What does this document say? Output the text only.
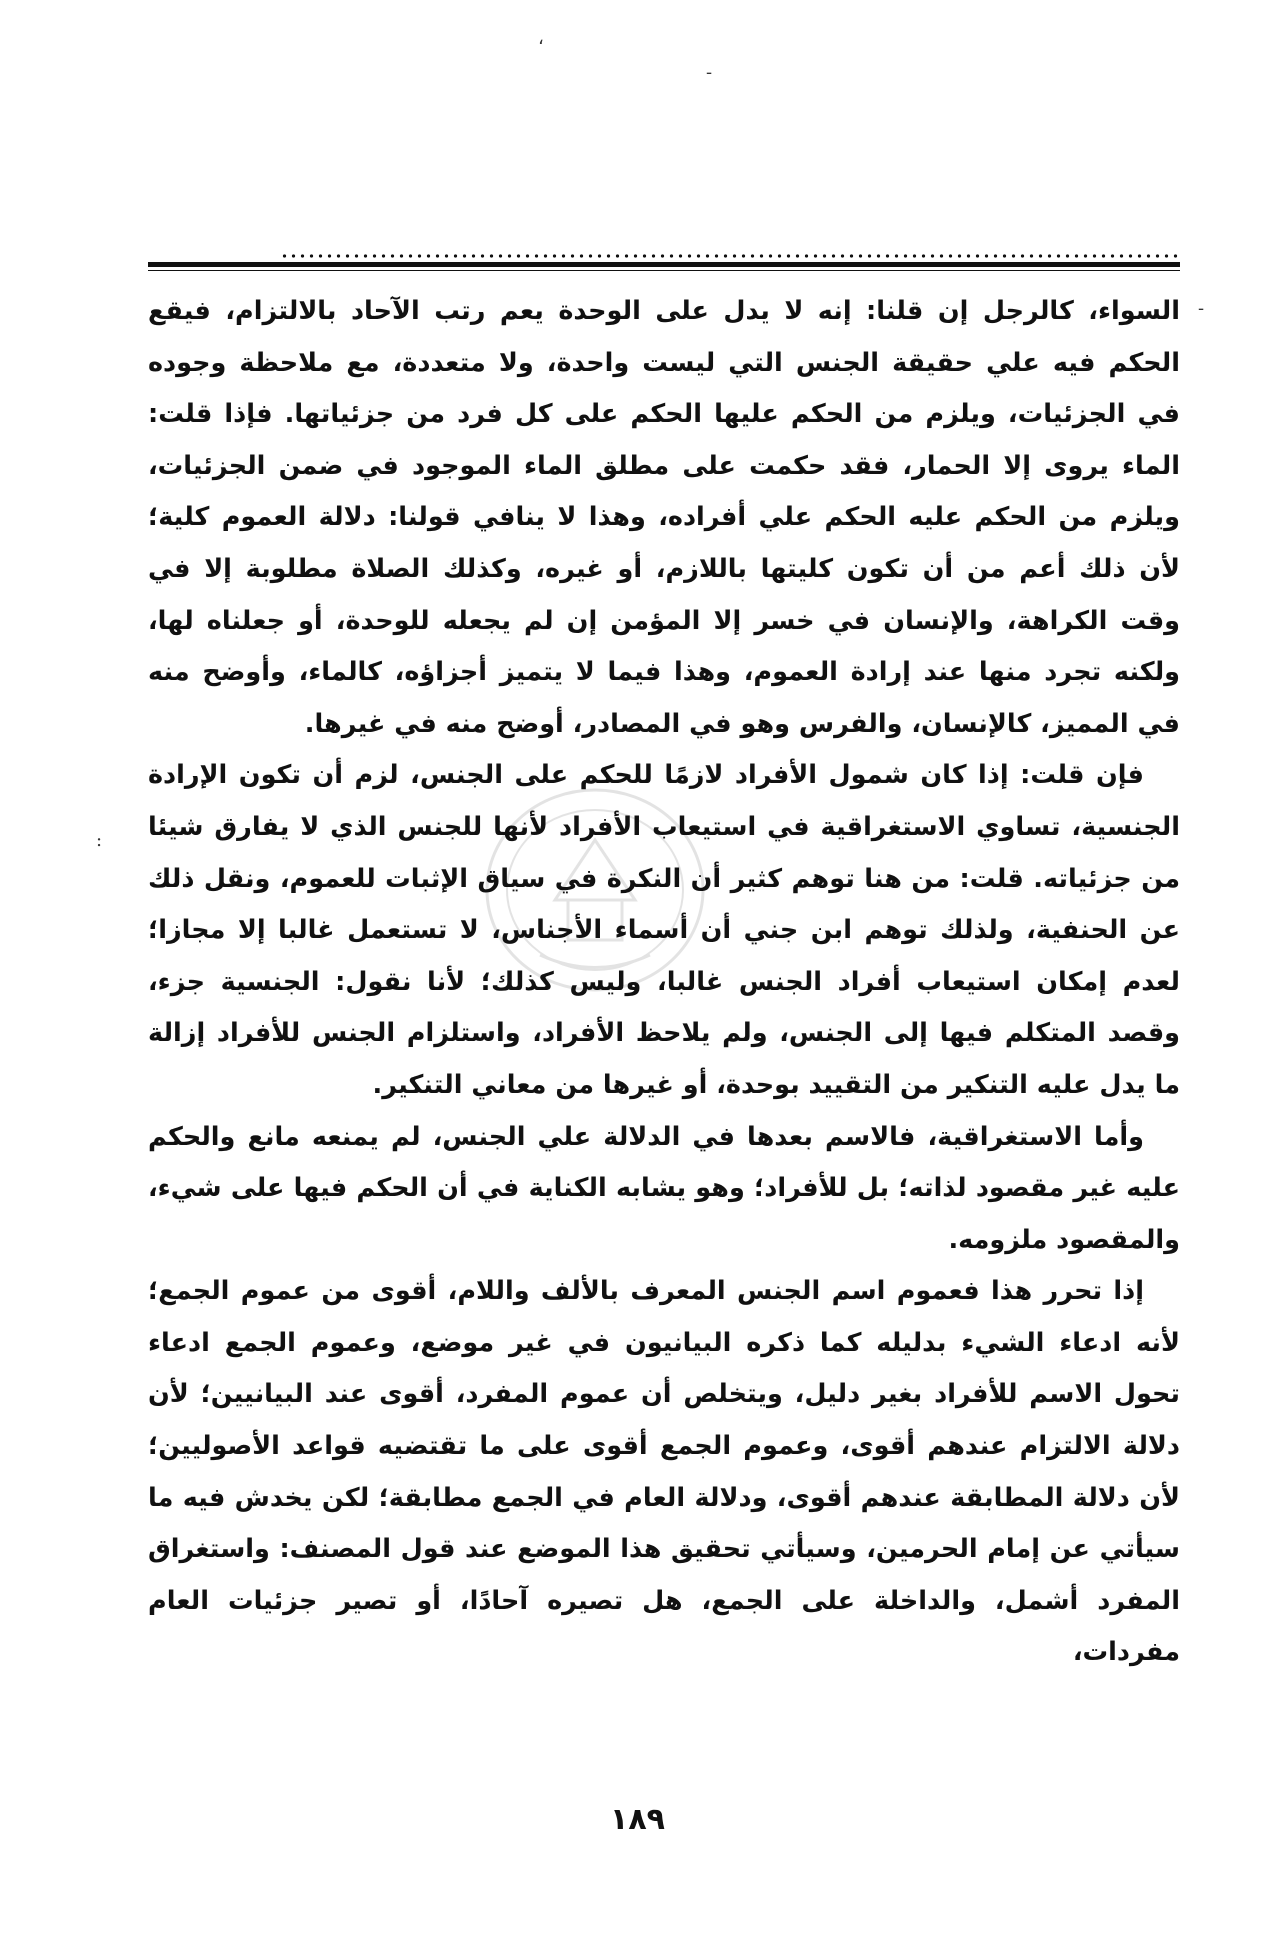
،
-
-
:

السواء، كالرجل إن قلنا: إنه لا يدل على الوحدة يعم رتب الآحاد بالالتزام، فيقع الحكم فيه علي حقيقة الجنس التي ليست واحدة، ولا متعددة، مع ملاحظة وجوده في الجزئيات، ويلزم من الحكم عليها الحكم على كل فرد من جزئياتها. فإذا قلت: الماء يروى إلا الحمار، فقد حكمت على مطلق الماء الموجود في ضمن الجزئيات، ويلزم من الحكم عليه الحكم علي أفراده، وهذا لا ينافي قولنا: دلالة العموم كلية؛ لأن ذلك أعم من أن تكون كليتها باللازم، أو غيره، وكذلك الصلاة مطلوبة إلا في وقت الكراهة، والإنسان في خسر إلا المؤمن إن لم يجعله للوحدة، أو جعلناه لها، ولكنه تجرد منها عند إرادة العموم، وهذا فيما لا يتميز أجزاؤه، كالماء، وأوضح منه في المميز، كالإنسان، والفرس وهو في المصادر، أوضح منه في غيرها.

فإن قلت: إذا كان شمول الأفراد لازمًا للحكم على الجنس، لزم أن تكون الإرادة الجنسية، تساوي الاستغراقية في استيعاب الأفراد لأنها للجنس الذي لا يفارق شيئا من جزئياته. قلت: من هنا توهم كثير أن النكرة في سياق الإثبات للعموم، ونقل ذلك عن الحنفية، ولذلك توهم ابن جني أن أسماء الأجناس، لا تستعمل غالبا إلا مجازا؛ لعدم إمكان استيعاب أفراد الجنس غالبا، وليس كذلك؛ لأنا نقول: الجنسية جزء، وقصد المتكلم فيها إلى الجنس، ولم يلاحظ الأفراد، واستلزام الجنس للأفراد إزالة ما يدل عليه التنكير من التقييد بوحدة، أو غيرها من معاني التنكير.

وأما الاستغراقية، فالاسم بعدها في الدلالة علي الجنس، لم يمنعه مانع والحكم عليه غير مقصود لذاته؛ بل للأفراد؛ وهو يشابه الكناية في أن الحكم فيها على شيء، والمقصود ملزومه.

إذا تحرر هذا فعموم اسم الجنس المعرف بالألف واللام، أقوى من عموم الجمع؛ لأنه ادعاء الشيء بدليله كما ذكره البيانيون في غير موضع، وعموم الجمع ادعاء تحول الاسم للأفراد بغير دليل، ويتخلص أن عموم المفرد، أقوى عند البيانيين؛ لأن دلالة الالتزام عندهم أقوى، وعموم الجمع أقوى على ما تقتضيه قواعد الأصوليين؛ لأن دلالة المطابقة عندهم أقوى، ودلالة العام في الجمع مطابقة؛ لكن يخدش فيه ما سيأتي عن إمام الحرمين، وسيأتي تحقيق هذا الموضع عند قول المصنف: واستغراق المفرد أشمل، والداخلة على الجمع، هل تصيره آحادًا، أو تصير جزئيات العام مفردات،

١٨٩
